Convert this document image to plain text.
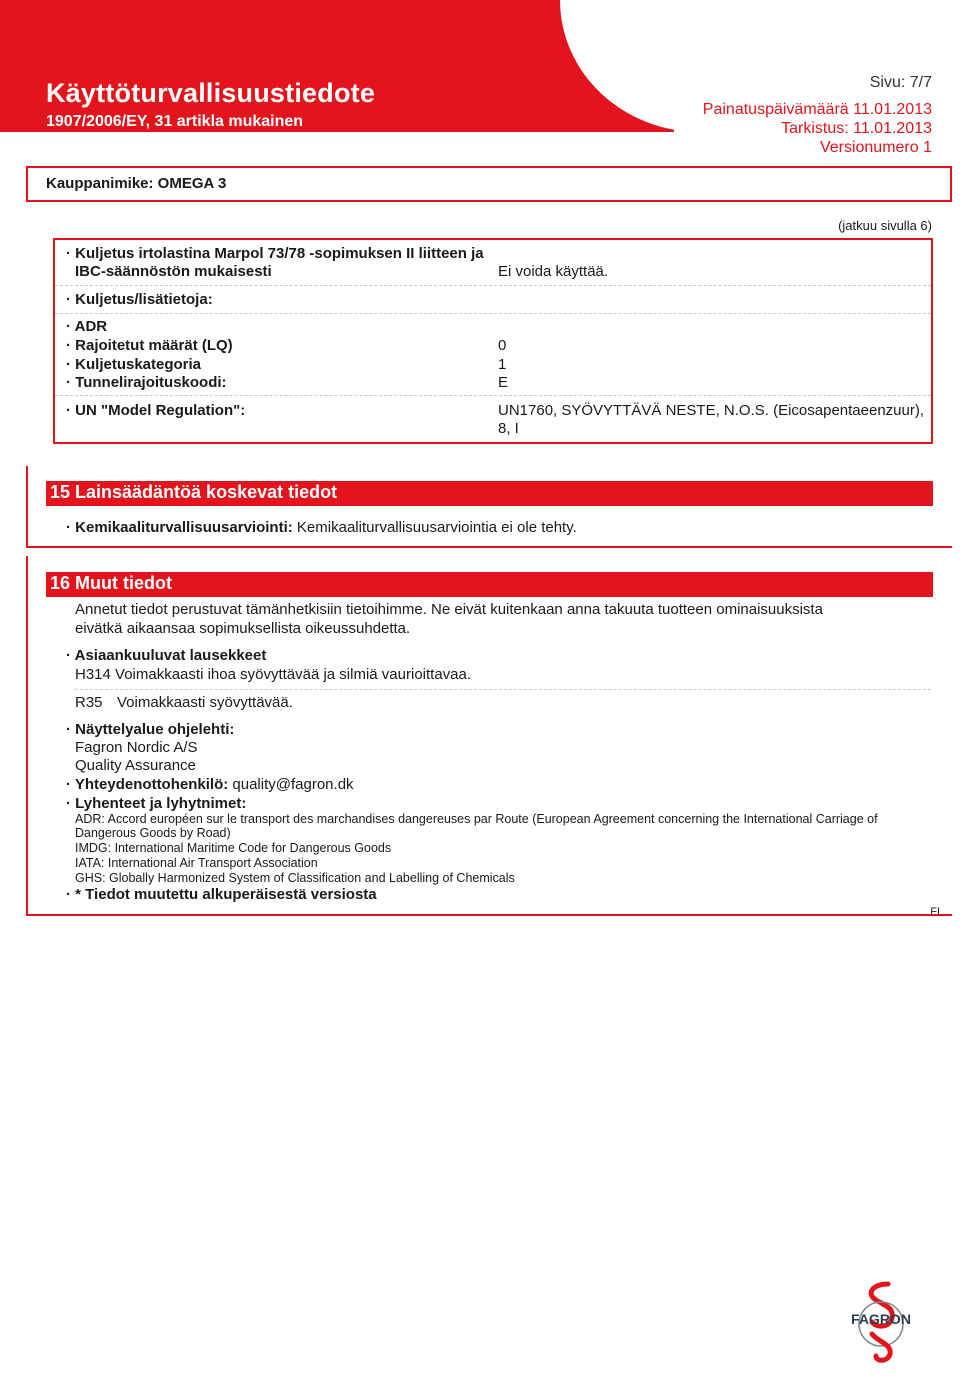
Käyttöturvallisuustiedote
1907/2006/EY, 31 artikla mukainen
Sivu: 7/7
Painatuspäivämäärä 11.01.2013
Tarkistus: 11.01.2013
Versionumero 1
Kauppanimike: OMEGA 3
(jatkuu sivulla 6)
· Kuljetus irtolastina Marpol 73/78 -sopimuksen II liitteen ja
IBC-säännöstön mukaisesti	Ei voida käyttää.
· Kuljetus/lisätietoja:
· ADR
· Rajoitetut määrät (LQ)	0
· Kuljetuskategoria	1
· Tunnelirajoituskoodi:	E
· UN "Model Regulation":	UN1760, SYÖVYTTÄVÄ NESTE, N.O.S. (Eicosapentaeenzuur),
8, I
15 Lainsäädäntöä koskevat tiedot
· Kemikaaliturvallisuusarviointi: Kemikaaliturvallisuusarviointia ei ole tehty.
16 Muut tiedot
Annetut tiedot perustuvat tämänhetkisiin tietoihimme. Ne eivät kuitenkaan anna takuuta tuotteen ominaisuuksista
eivätkä aikaansaa sopimuksellista oikeussuhdetta.
· Asiaankuuluvat lausekkeet
H314 Voimakkaasti ihoa syövyttävää ja silmiä vaurioittavaa.
R35 Voimakkaasti syövyttävää.
· Näyttelyalue ohjelehti:
Fagron Nordic A/S
Quality Assurance
· Yhteydenottohenkilö: quality@fagron.dk
· Lyhenteet ja lyhytnimet:
ADR: Accord européen sur le transport des marchandises dangereuses par Route (European Agreement concerning the International Carriage of
Dangerous Goods by Road)
IMDG: International Maritime Code for Dangerous Goods
IATA: International Air Transport Association
GHS: Globally Harmonized System of Classification and Labelling of Chemicals
· * Tiedot muutettu alkuperäisestä versiosta
FI
FAGRON
